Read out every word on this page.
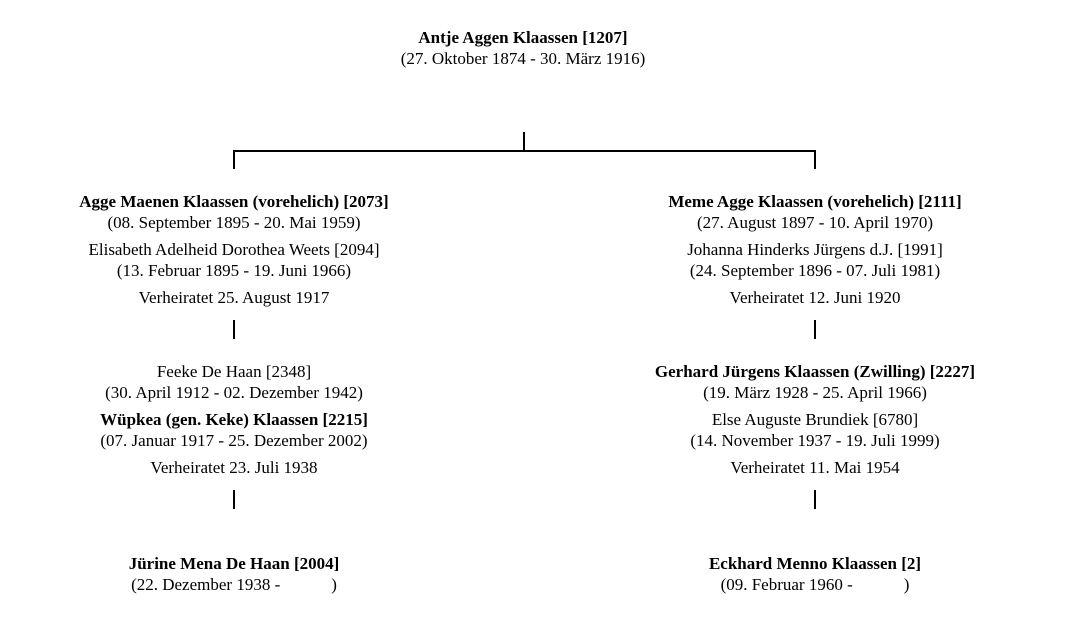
Antje Aggen Klaassen [1207]
(27. Oktober 1874 - 30. März 1916)
Agge Maenen Klaassen (vorehelich) [2073]
(08. September 1895 - 20. Mai 1959)
Elisabeth Adelheid Dorothea Weets [2094]
(13. Februar 1895 - 19. Juni 1966)
Verheiratet 25. August 1917
Meme Agge Klaassen (vorehelich) [2111]
(27. August 1897 - 10. April 1970)
Johanna Hinderks Jürgens d.J. [1991]
(24. September 1896 - 07. Juli 1981)
Verheiratet 12. Juni 1920
Feeke De Haan [2348]
(30. April 1912 - 02. Dezember 1942)
Wüpkea (gen. Keke) Klaassen [2215]
(07. Januar 1917 - 25. Dezember 2002)
Verheiratet 23. Juli 1938
Gerhard Jürgens Klaassen (Zwilling) [2227]
(19. März 1928 - 25. April 1966)
Else Auguste Brundiek [6780]
(14. November 1937 - 19. Juli 1999)
Verheiratet 11. Mai 1954
Jürine Mena De Haan [2004]
(22. Dezember 1938 -            )
Eckhard Menno Klaassen [2]
(09. Februar 1960 -            )
